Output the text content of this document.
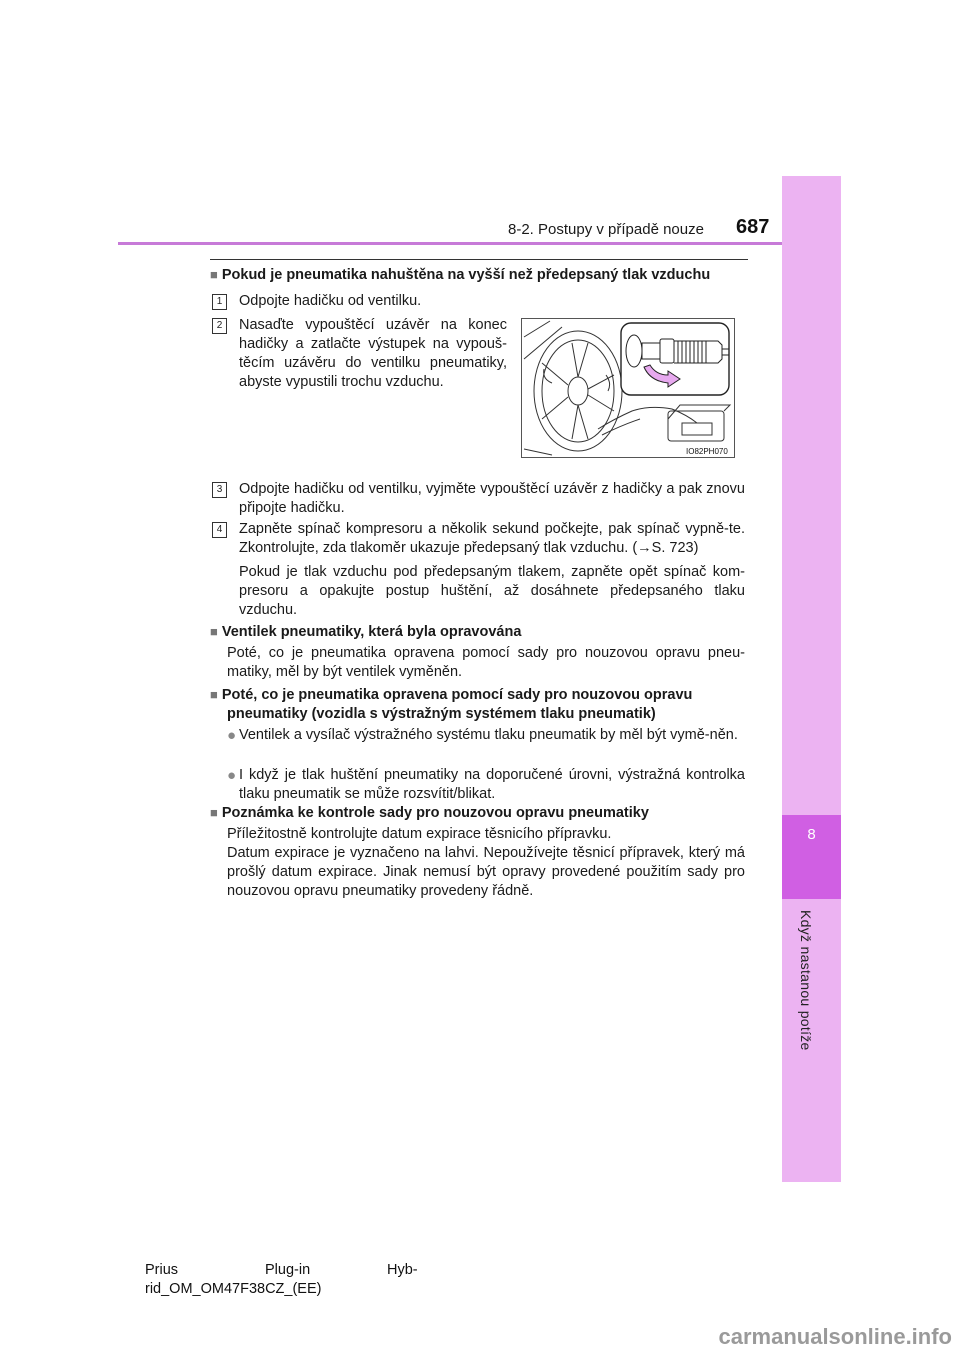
8
Když nastanou potíže
8-2. Postupy v případě nouze 687
■ Pokud je pneumatika nahuštěna na vyšší než předepsaný tlak vzduchu
1	Odpojte hadičku od ventilku.
2	Nasaďte vypouštěcí uzávěr na konec hadičky a zatlačte výstupek na vypouš-těcím uzávěru do ventilku pneumatiky, abyste vypustili trochu vzduchu.
IO82PH070
3	Odpojte hadičku od ventilku, vyjměte vypouštěcí uzávěr z hadičky a pak znovu připojte hadičku.
4	Zapněte spínač kompresoru a několik sekund počkejte, pak spínač vypně-te. Zkontrolujte, zda tlakoměr ukazuje předepsaný tlak vzduchu. (→S. 723)
Pokud je tlak vzduchu pod předepsaným tlakem, zapněte opět spínač kom-presoru a opakujte postup huštění, až dosáhnete předepsaného tlaku vzduchu.
■ Ventilek pneumatiky, která byla opravována
Poté, co je pneumatika opravena pomocí sady pro nouzovou opravu pneu-matiky, měl by být ventilek vyměněn.
■ Poté, co je pneumatika opravena pomocí sady pro nouzovou opravu
pneumatiky (vozidla s výstražným systémem tlaku pneumatik)
● Ventilek a vysílač výstražného systému tlaku pneumatik by měl být vymě-něn.
● I když je tlak huštění pneumatiky na doporučené úrovni, výstražná kontrolka tlaku pneumatik se může rozsvítit/blikat.
■ Poznámka ke kontrole sady pro nouzovou opravu pneumatiky
Příležitostně kontrolujte datum expirace těsnicího přípravku.
Datum expirace je vyznačeno na lahvi. Nepoužívejte těsnicí přípravek, který má prošlý datum expirace. Jinak nemusí být opravy provedené použitím sady pro nouzovou opravu pneumatiky provedeny řádně.
Prius	Plug-in	Hyb-
rid_OM_OM47F38CZ_(EE)
carmanualsonline.info
